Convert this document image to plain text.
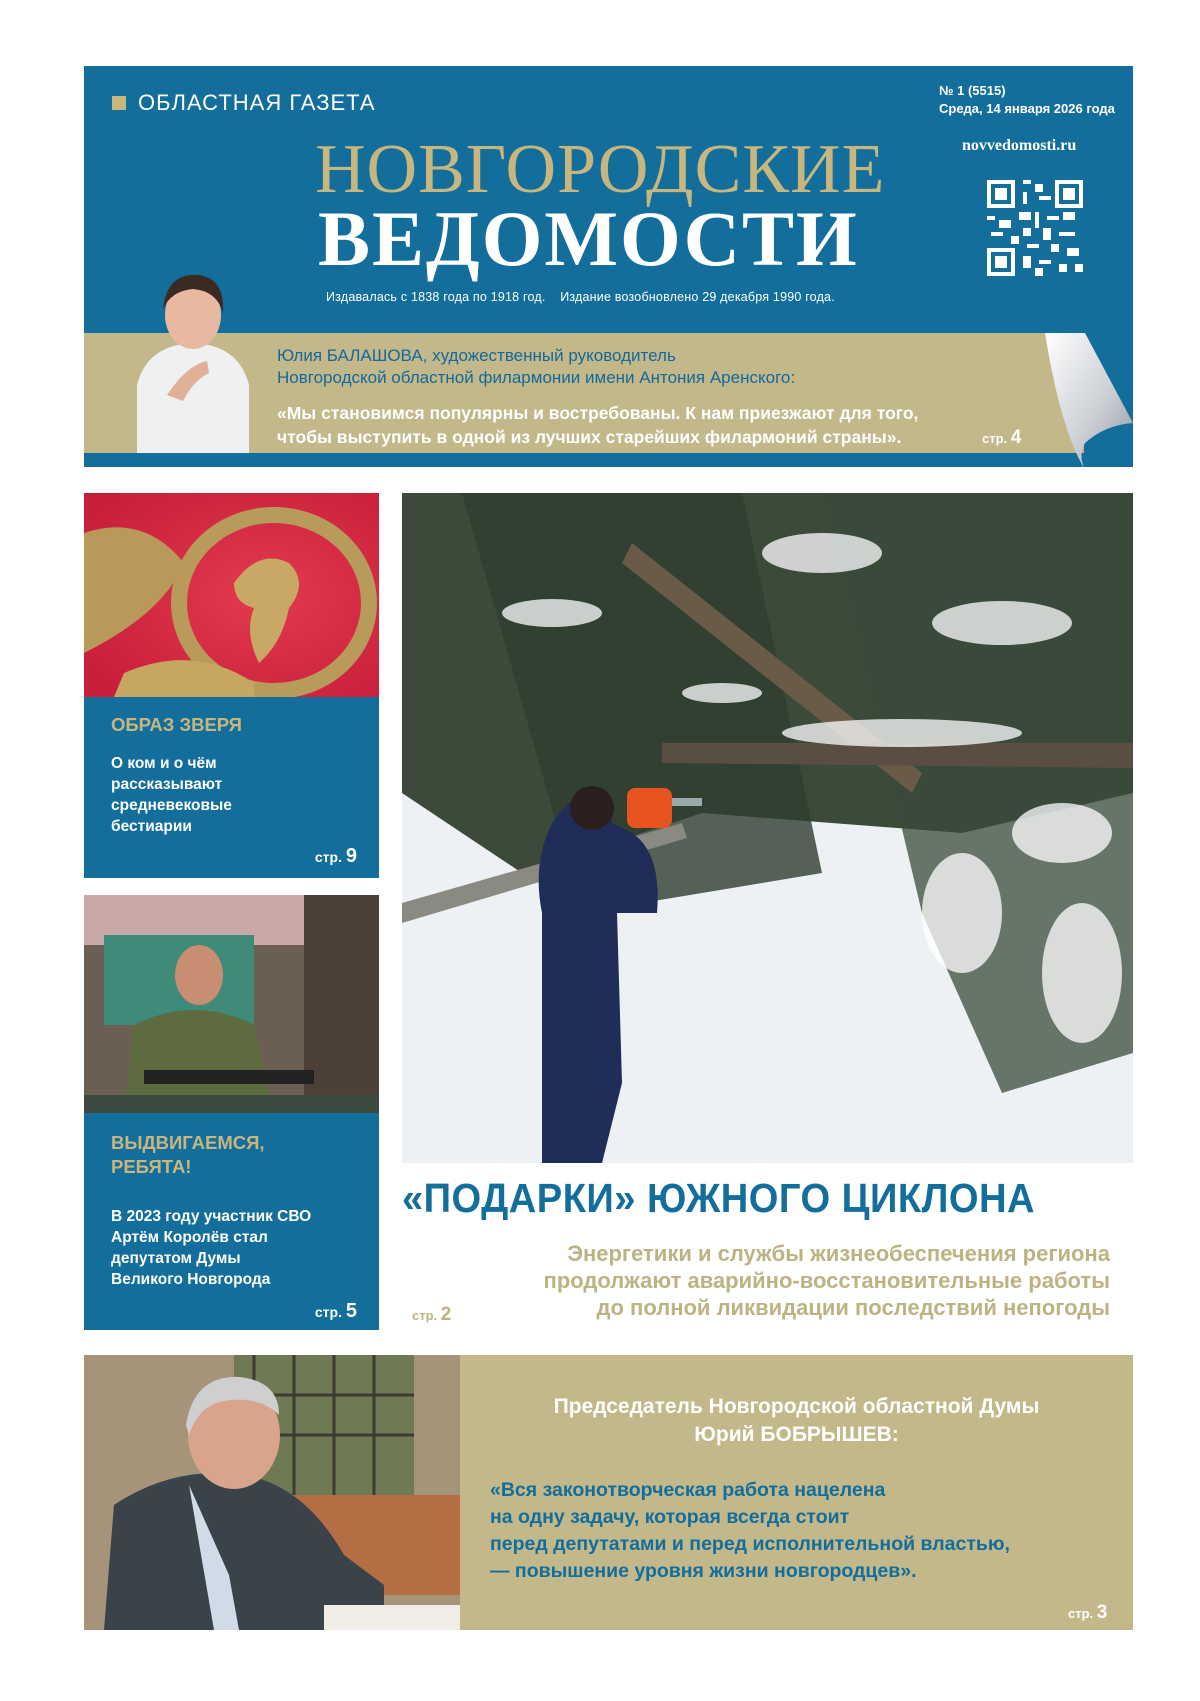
ОБЛАСТНАЯ ГАЗЕТА
НОВГОРОДСКИЕ
ВЕДОМОСТИ
Издавалась с 1838 года по 1918 год.    Издание возобновлено 29 декабря 1990 года.
№ 1 (5515)
Среда, 14 января 2026 года
novvedomosti.ru
Юлия БАЛАШОВА, художественный руководитель
Новгородской областной филармонии имени Антония Аренского:
«Мы становимся популярны и востребованы. К нам приезжают для того,
чтобы выступить в одной из лучших старейших филармоний страны».	стр. 4
ОБРАЗ ЗВЕРЯ
О ком и о чём
рассказывают
средневековые
бестиарии
стр. 9
ВЫДВИГАЕМСЯ,
РЕБЯТА!
В 2023 году участник СВО
Артём Королёв стал
депутатом Думы
Великого Новгорода
стр. 5
«ПОДАРКИ» ЮЖНОГО ЦИКЛОНА
Энергетики и службы жизнеобеспечения региона
продолжают аварийно-восстановительные работы
до полной ликвидации последствий непогоды
стр. 2
Председатель Новгородской областной Думы
Юрий БОБРЫШЕВ:
«Вся законотворческая работа нацелена
на одну задачу, которая всегда стоит
перед депутатами и перед исполнительной властью,
— повышение уровня жизни новгородцев».
стр. 3
